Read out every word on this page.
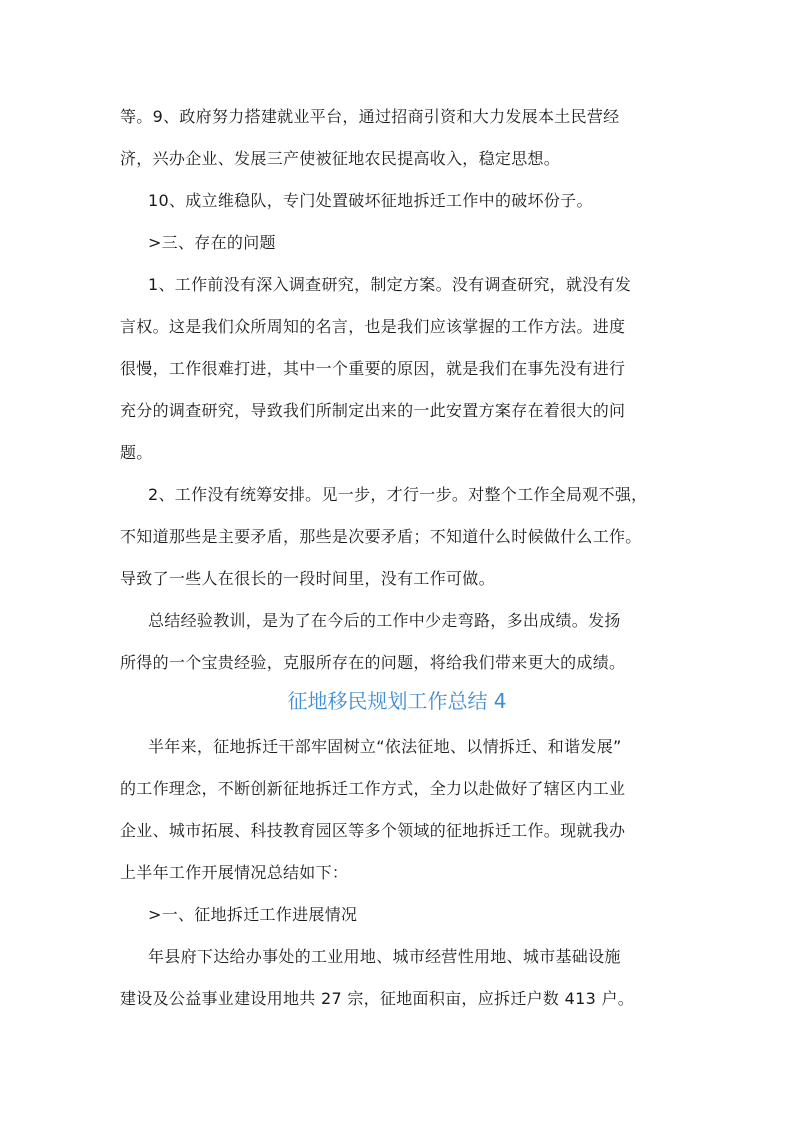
等。9、政府努力搭建就业平台，通过招商引资和大力发展本土民营经
济，兴办企业、发展三产使被征地农民提高收入，稳定思想。
10、成立维稳队，专门处置破坏征地拆迁工作中的破坏份子。
>三、存在的问题
1、工作前没有深入调查研究，制定方案。没有调查研究，就没有发
言权。这是我们众所周知的名言，也是我们应该掌握的工作方法。进度
很慢，工作很难打进，其中一个重要的原因，就是我们在事先没有进行
充分的调查研究，导致我们所制定出来的一此安置方案存在着很大的问
题。
2、工作没有统筹安排。见一步，才行一步。对整个工作全局观不强，
不知道那些是主要矛盾，那些是次要矛盾；不知道什么时候做什么工作。
导致了一些人在很长的一段时间里，没有工作可做。
总结经验教训，是为了在今后的工作中少走弯路，多出成绩。发扬
所得的一个宝贵经验，克服所存在的问题，将给我们带来更大的成绩。
征地移民规划工作总结 4
半年来，征地拆迁干部牢固树立“依法征地、以情拆迁、和谐发展”
的工作理念，不断创新征地拆迁工作方式，全力以赴做好了辖区内工业
企业、城市拓展、科技教育园区等多个领域的征地拆迁工作。现就我办
上半年工作开展情况总结如下：
>一、征地拆迁工作进展情况
年县府下达给办事处的工业用地、城市经营性用地、城市基础设施
建设及公益事业建设用地共 27 宗，征地面积亩，应拆迁户数 413 户。
